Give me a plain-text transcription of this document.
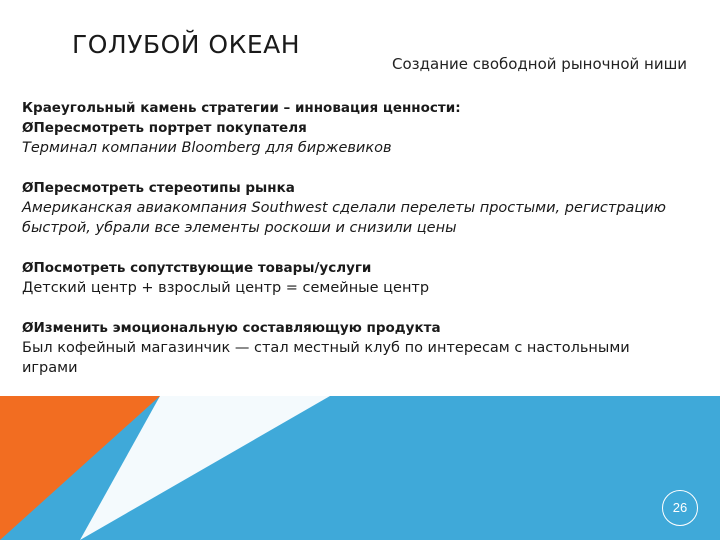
ГОЛУБОЙ ОКЕАН
Создание свободной рыночной ниши
Краеугольный камень стратегии – инновация ценности:
ØПересмотреть портрет покупателя
Терминал компании Bloomberg для биржевиков
ØПересмотреть стереотипы рынка
Американская авиакомпания Southwest сделали перелеты простыми, регистрацию
быстрой, убрали все элементы роскоши и снизили цены
ØПосмотреть сопутствующие товары/услуги
Детский центр + взрослый центр = семейные центр
ØИзменить эмоциональную составляющую продукта
Был кофейный магазинчик — стал местный клуб по интересам с настольными
играми
26
